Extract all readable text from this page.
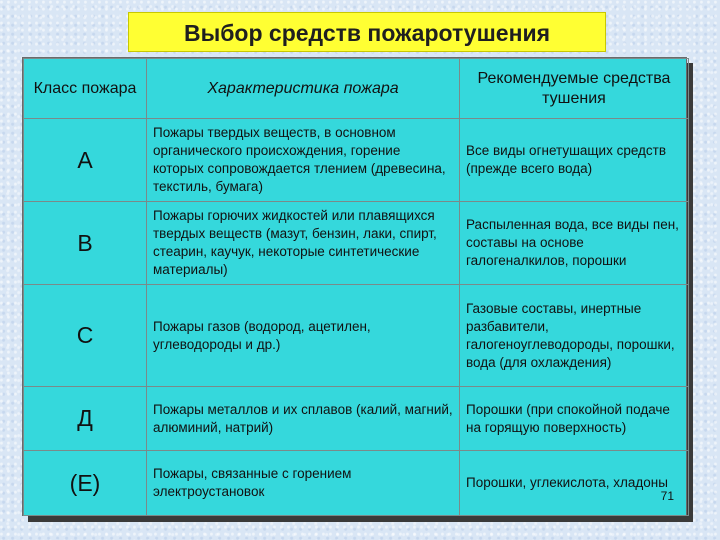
Выбор средств пожаротушения
Класс пожара	Характеристика пожара	Рекомендуемые средства тушения
А	Пожары твердых веществ, в основном органического происхождения, горение которых сопровождается тлением (древесина, текстиль, бумага)	Все виды огнетушащих средств (прежде всего вода)
В	Пожары горючих жидкостей или плавящихся твердых веществ (мазут, бензин, лаки, спирт, стеарин, каучук, некоторые синтетические материалы)	Распыленная вода, все виды пен, составы на основе галогеналкилов, порошки
С	Пожары газов (водород, ацетилен, углеводороды и др.)	Газовые составы, инертные разбавители, галогеноуглеводороды, порошки, вода (для охлаждения)
Д	Пожары металлов и их сплавов (калий, магний, алюминий, натрий)	Порошки (при спокойной подаче на горящую поверхность)
(Е)	Пожары, связанные с горением электроустановок	Порошки, углекислота, хладоны
71
